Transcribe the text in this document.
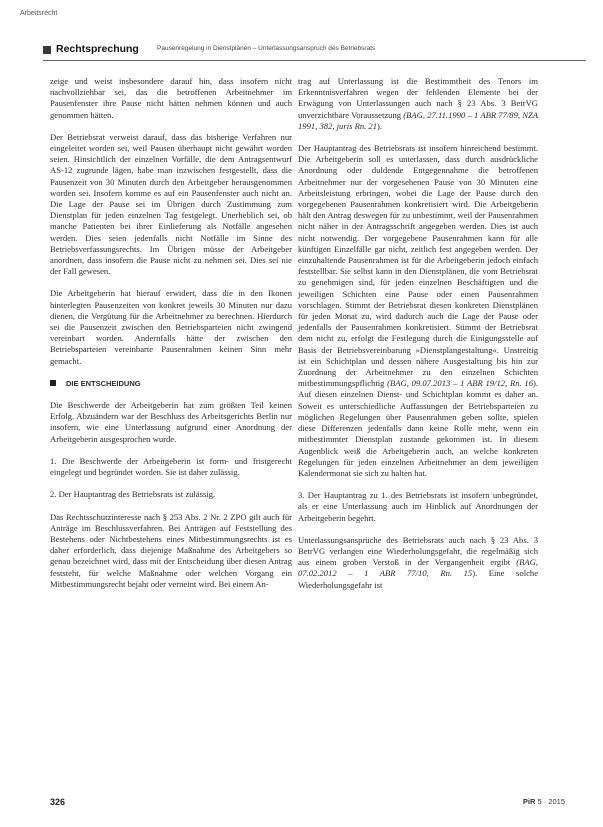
Arbeitsrecht
Rechtsprechung	Pausenregelung in Dienstplänen – Unterlassungsanspruch des Betriebsrats

zeige und weist insbesondere darauf hin, dass insofern nicht nachvollziehbar sei, das die betroffenen Arbeitnehmer im Pausenfenster ihre Pause nicht hätten nehmen können und auch genommen hätten.

Der Betriebsrat verweist darauf, dass das bisherige Verfahren nur eingeleitet worden sei, weil Pausen überhaupt nicht gewährt worden seien. Hinsichtlich der einzelnen Vorfälle, die dem Antragsentwurf AS-12 zugrunde lägen, habe man inzwischen festgestellt, dass die Pausenzeit von 30 Minuten durch den Arbeitgeber herausgenommen worden sei. Insofern komme es auf ein Pausenfenster auch nicht an. Die Lage der Pause sei im Übrigen durch Zustimmung zum Dienstplan für jeden einzelnen Tag festgelegt. Unerheblich sei, ob manche Patienten bei ihrer Einlieferung als Notfälle angesehen werden. Dies seien jedenfalls nicht Notfälle im Sinne des Betriebsverfassungsrechts. Im Übrigen müsse der Arbeitgeber anordnen, dass insofern die Pause nicht zu nehmen sei. Dies sei nie der Fall gewesen.

Die Arbeitgeberin hat hierauf erwidert, dass die in den Ikonen hinterlegten Pausenzeiten von konkret jeweils 30 Minuten nur dazu dienen, die Vergütung für die Arbeitnehmer zu berechnen. Hierdurch sei die Pausenzeit zwischen den Betriebsparteien nicht zwingend vereinbart worden. Andernfalls hätte der zwischen den Betriebsparteien vereinbarte Pausenrahmen keinen Sinn mehr gemacht.

DIE ENTSCHEIDUNG

Die Beschwerde der Arbeitgeberin hat zum größten Teil keinen Erfolg. Abzuändern war der Beschluss des Arbeitsgerichts Berlin nur insofern, wie eine Unterlassung aufgrund einer Anordnung der Arbeitgeberin ausgesprochen wurde.

1. Die Beschwerde der Arbeitgeberin ist form- und fristgerecht eingelegt und begründet worden. Sie ist daher zulässig.

2. Der Hauptantrag des Betriebsrats ist zulässig.

Das Rechtsschutzinteresse nach § 253 Abs. 2 Nr. 2 ZPO gilt auch für Anträge im Beschlussverfahren. Bei Anträgen auf Feststellung des Bestehens oder Nichtbestehens eines Mitbestimmungsrechts ist es daher erforderlich, dass diejenige Maßnahme des Arbeitgebers so genau bezeichnet wird, dass mit der Entscheidung über diesen Antrag feststeht, für welche Maßnahme oder welchen Vorgang ein Mitbestimmungsrecht bejaht oder verneint wird. Bei einem An-

trag auf Unterlassung ist die Bestimmtheit des Tenors im Erkenntnisverfahren wegen der fehlenden Elemente bei der Erwägung von Unterlassungen auch nach § 23 Abs. 3 BetrVG unverzichtbare Voraussetzung (BAG, 27.11.1990 – 1 ABR 77/89, NZA 1991, 382, juris Rn. 21).

Der Hauptantrag des Betriebsrats ist insofern hinreichend bestimmt. Die Arbeitgeberin soll es unterlassen, dass durch ausdrückliche Anordnung oder duldende Entgegennahme die betroffenen Arbeitnehmer nur der vorgesehenen Pause von 30 Minuten eine Arbeitsleistung erbringen, wobei die Lage der Pause durch den vorgegebenen Pausenrahmen konkretisiert wird. Die Arbeitgeberin hält den Antrag deswegen für zu unbestimmt, weil der Pausenrahmen nicht näher in der Antragsschrift angegeben werden. Dies ist auch nicht notwendig. Der vorgegebene Pausenrahmen kann für alle künftigen Einzelfälle gar nicht, zeitlich fest angegeben werden. Der einzuhaltende Pausenrahmen ist für die Arbeitgeberin jedoch einfach feststellbar. Sie selbst kann in den Dienstplänen, die vom Betriebsrat zu genehmigen sind, für jeden einzelnen Beschäftigten und die jeweiligen Schichten eine Pause oder einen Pausenrahmen vorschlagen. Stimmt der Betriebsrat diesen konkreten Dienstplänen für jeden Monat zu, wird dadurch auch die Lage der Pause oder jedenfalls der Pausenrahmen konkretisiert. Stimmt der Betriebsrat dem nicht zu, erfolgt die Festlegung durch die Einigungsstelle auf Basis der Betriebsvereinbarung »Dienstplangestaltung«. Unstreitig ist ein Schichtplan und dessen nähere Ausgestaltung bis hin zur Zuordnung der Arbeitnehmer zu den einzelnen Schichten mitbestimmungspflichtig (BAG, 09.07.2013 – 1 ABR 19/12, Rn. 16). Auf diesen einzelnen Dienst- und Schichtplan kommt es daher an. Soweit es unterschiedliche Auffassungen der Betriebsparteien zu möglichen Regelungen über Pausenrahmen geben sollte, spielen diese Differenzen jedenfalls dann keine Rolle mehr, wenn ein mitbestimmter Dienstplan zustande gekommen ist. In diesem Augenblick weiß die Arbeitgeberin auch, an welche konkreten Regelungen für jeden einzelnen Arbeitnehmer an dem jeweiligen Kalendermonat sie sich zu halten hat.

3. Der Hauptantrag zu 1. des Betriebsrats ist insofern unbegründet, als er eine Unterlassung auch im Hinblick auf Anordnungen der Arbeitgeberin begehrt.

Unterlassungsansprüche des Betriebsrats auch nach § 23 Abs. 3 BetrVG verlangen eine Wiederholungsgefahr, die regelmäßig sich aus einem groben Verstoß in der Vergangenheit ergibt (BAG, 07.02.2012 – 1 ABR 77/10, Rn. 15). Eine solche Wiederholungsgefahr ist

326	PiR 5 · 2015
